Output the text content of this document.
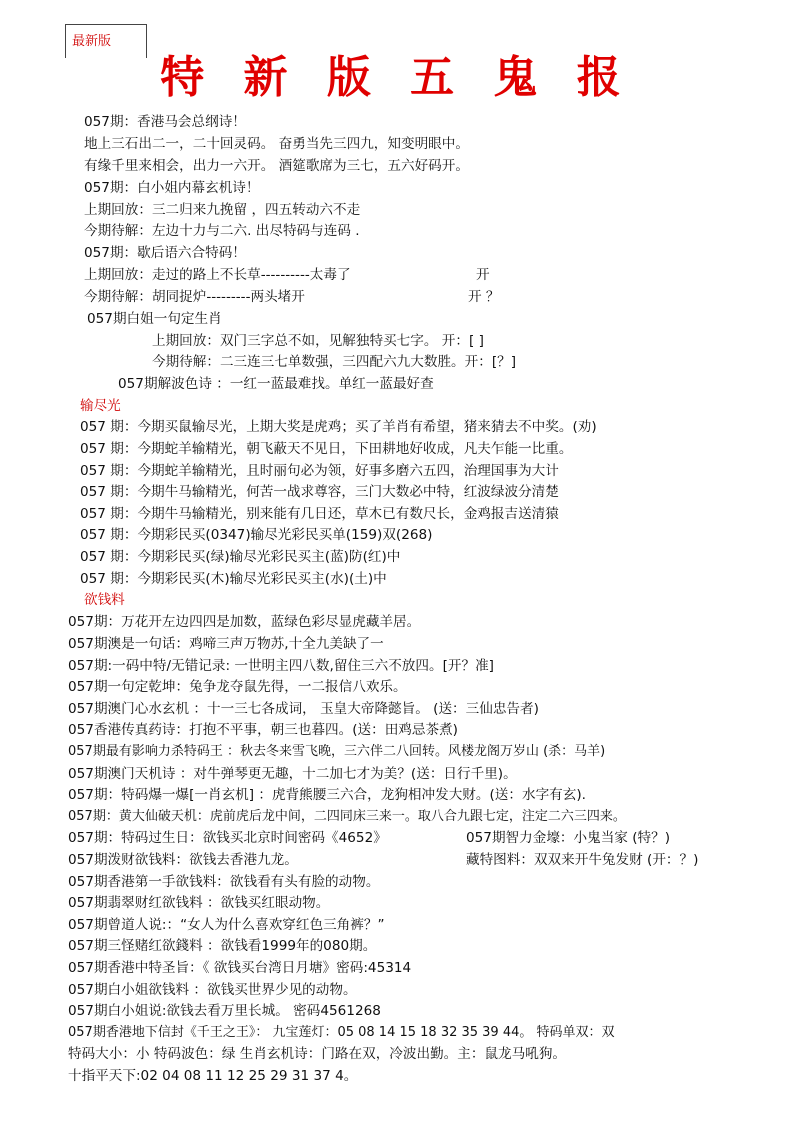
最新版
特 新 版 五 鬼 报
057期：香港马会总纲诗！
地上三石出二一，二十回灵码。 奋勇当先三四九，知变明眼中。
有缘千里来相会，出力一六开。 酒筵歌席为三七，五六好码开。
057期：白小姐内幕玄机诗！
上期回放：三二归来九挽留 ，四五转动六不走
今期待解：左边十力与二六. 出尽特码与连码 .
057期：歇后语六合特码！
上期回放：走过的路上不长草----------太毒了	开
今期待解：胡同捉炉---------两头堵开	开 ？
057期白姐一句定生肖
上期回放：双门三字总不如，见解独特买七字。 开：[ ]
今期待解：二三连三七单数强，三四配六九大数胜。开：[？]
057期解波色诗 ：一红一蓝最难找。单红一蓝最好查
输尽光
057 期：今期买鼠输尽光，上期大奖是虎鸡；买了羊肖有希望，猪来猜去不中奖。(劝)
057 期：今期蛇羊输精光，朝飞蔽天不见日，下田耕地好收成，凡夫乍能一比重。
057 期：今期蛇羊输精光，且时丽句必为领，好事多磨六五四，治理国事为大计
057 期：今期牛马输精光，何苦一战求尊容，三门大数必中特，红波绿波分清楚
057 期：今期牛马输精光，别来能有几日还，草木已有数尺长，金鸡报吉送清猿
057 期：今期彩民买(0347)输尽光彩民买单(159)双(268)
057 期：今期彩民买(绿)输尽光彩民买主(蓝)防(红)中
057 期：今期彩民买(木)输尽光彩民买主(水)(土)中
欲钱料
057期：万花开左边四四是加数，蓝绿色彩尽显虎藏羊居。
057期澳是一句话：鸡啼三声万物苏,十全九美缺了一
057期:一码中特/无错记录: 一世明主四八数,留住三六不放四。[开？准]
057期一句定乾坤：兔争龙夺鼠先得，一二报信八欢乐。
057期澳门心水玄机 ：十一三七各成词， 玉皇大帝降懿旨。 (送：三仙忠告者)
057香港传真药诗：打抱不平事，朝三也暮四。(送：田鸡忌茶煮)
057期最有影响力杀特码王 ：秋去冬来雪飞晚，三六伴二八回转。风楼龙阁万岁山 (杀：马羊)
057期澳门天机诗 ：对牛弹琴更无趣，十二加七才为美？(送：日行千里)。
057期：特码爆一爆[一肖玄机] ：虎背熊腰三六合，龙狗相冲发大财。(送：水字有玄).
057期：黄大仙破天机：虎前虎后龙中间，二四同床三来一。取八合九跟七定，注定二六三四来。
057期：特码过生日：欲钱买北京时间密码《4652》	057期智力金壕：小鬼当家 (特？)
057期泼财欲钱料：欲钱去香港九龙。	藏特图料：双双来开牛兔发财 (开：？)
057期香港第一手欲钱料：欲钱看有头有脸的动物。
057期翡翠财红欲钱料 ：欲钱买红眼动物。
057期曾道人说:：“女人为什么喜欢穿红色三角裤？”
057期三怪赌红欲錢料 ：欲钱看1999年的080期。
057期香港中特圣旨：《 欲钱买台湾日月塘》密码:45314
057期白小姐欲钱料 ：欲钱买世界少见的动物。
057期白小姐说:欲钱去看万里长城。 密码4561268
057期香港地下信封《千王之王》： 九宝莲灯：05 08 14 15 18 32 35 39 44。 特码单双：双
特码大小：小 特码波色：绿 生肖玄机诗：门路在双，冷波出勤。主：鼠龙马吼狗。
十指平天下:02 04 08 11 12 25 29 31 37 4。
